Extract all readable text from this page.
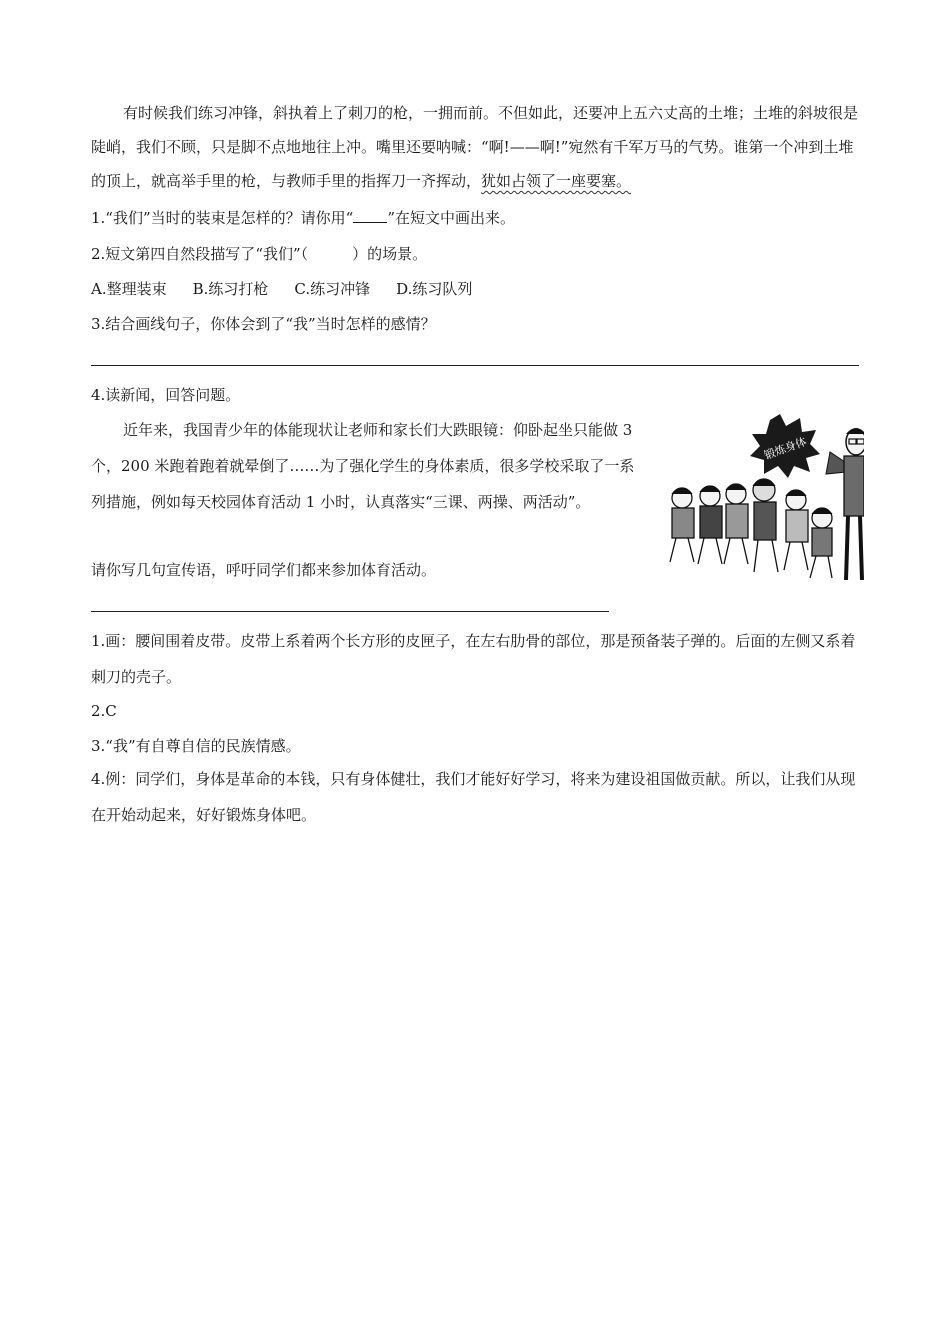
有时候我们练习冲锋，斜执着上了刺刀的枪，一拥而前。不但如此，还要冲上五六丈高的土堆；土堆的斜坡很是陡峭，我们不顾，只是脚不点地地往上冲。嘴里还要呐喊：“啊!——啊!”宛然有千军万马的气势。谁第一个冲到土堆的顶上，就高举手里的枪，与教师手里的指挥刀一齐挥动，犹如占领了一座要塞。
1.“我们”当时的装束是怎样的？请你用“ ”在短文中画出来。
2.短文第四自然段描写了“我们”（	）的场景。
A.整理装束 B.练习打枪 C.练习冲锋 D.练习队列
3.结合画线句子，你体会到了“我”当时怎样的感情？
4.读新闻，回答问题。
近年来，我国青少年的体能现状让老师和家长们大跌眼镜：仰卧起坐只能做 3 个，200 米跑着跑着就晕倒了……为了强化学生的身体素质，很多学校采取了一系列措施，例如每天校园体育活动 1 小时，认真落实“三课、两操、两活动”。
锻炼身体
请你写几句宣传语，呼吁同学们都来参加体育活动。
1.画：腰间围着皮带。皮带上系着两个长方形的皮匣子，在左右肋骨的部位，那是预备装子弹的。后面的左侧又系着刺刀的壳子。
2.C
3.“我”有自尊自信的民族情感。
4.例：同学们，身体是革命的本钱，只有身体健壮，我们才能好好学习，将来为建设祖国做贡献。所以，让我们从现在开始动起来，好好锻炼身体吧。
